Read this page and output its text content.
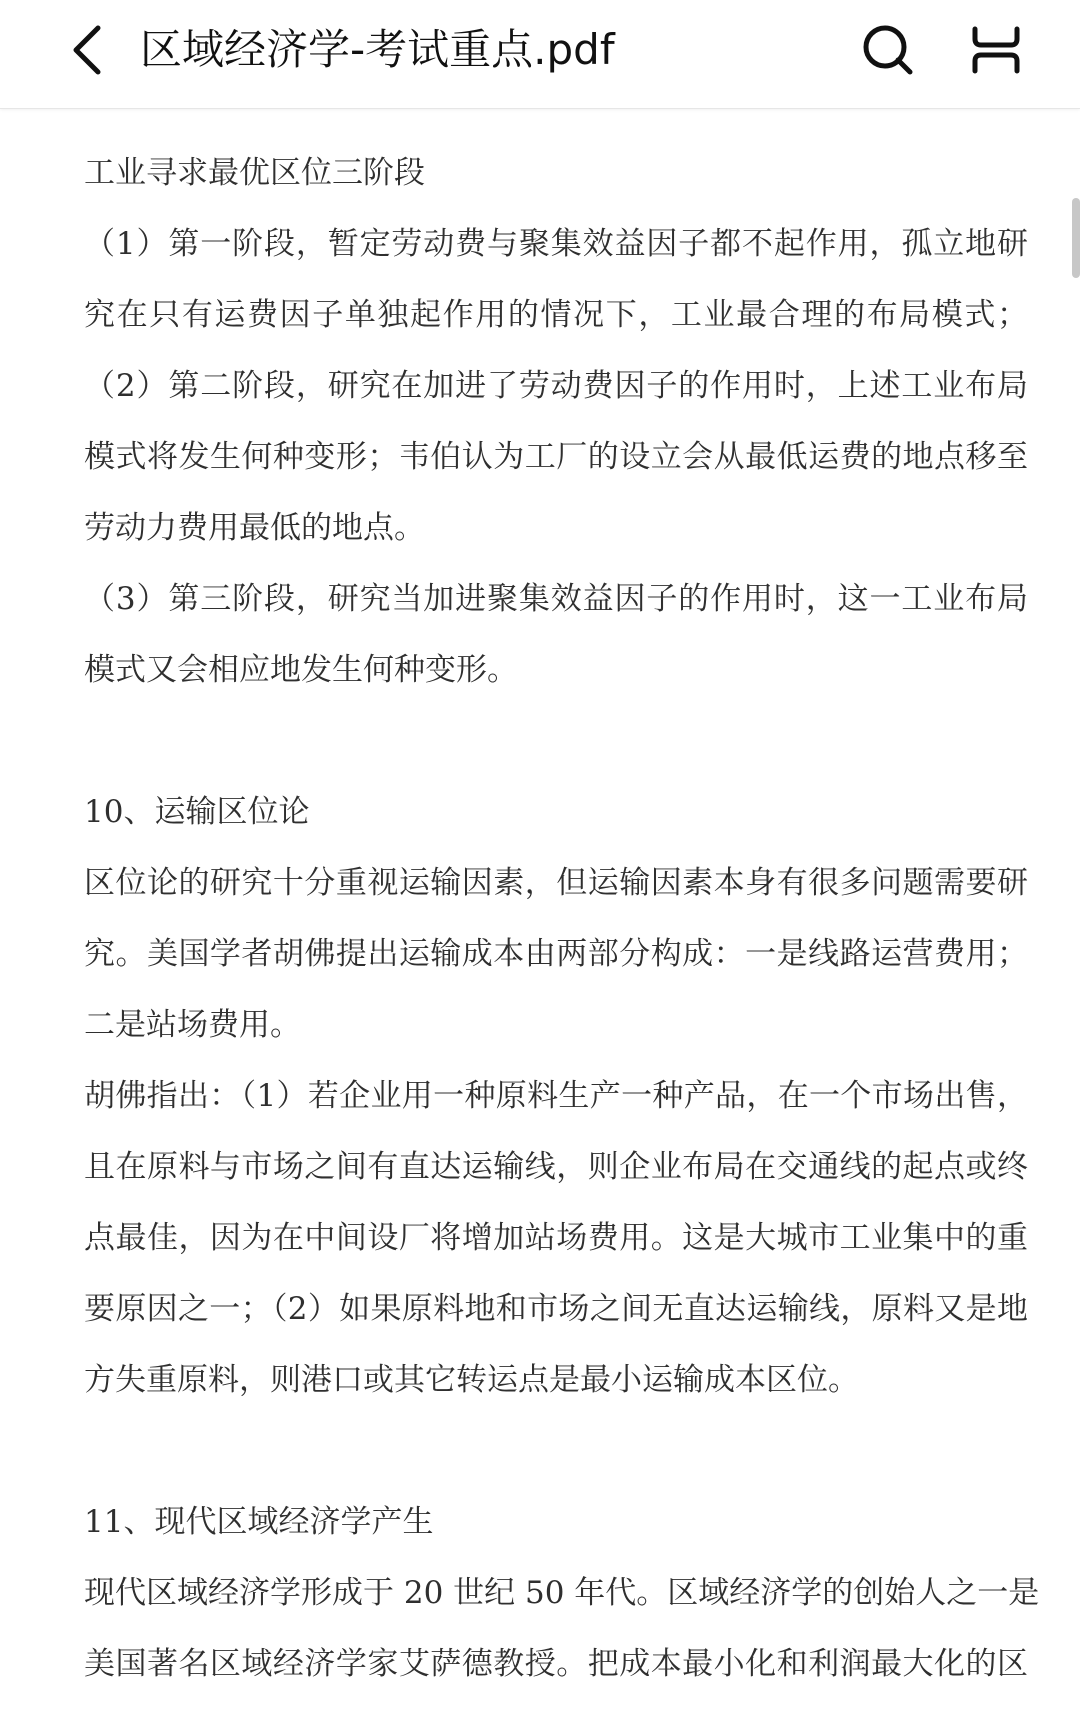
区域经济学-考试重点.pdf
工业寻求最优区位三阶段
（1）第一阶段，暂定劳动费与聚集效益因子都不起作用，孤立地研
究在只有运费因子单独起作用的情况下，工业最合理的布局模式；
（2）第二阶段，研究在加进了劳动费因子的作用时，上述工业布局
模式将发生何种变形；韦伯认为工厂的设立会从最低运费的地点移至
劳动力费用最低的地点。
（3）第三阶段，研究当加进聚集效益因子的作用时，这一工业布局
模式又会相应地发生何种变形。
10、运输区位论
区位论的研究十分重视运输因素，但运输因素本身有很多问题需要研
究。美国学者胡佛提出运输成本由两部分构成：一是线路运营费用；
二是站场费用。
胡佛指出：（1）若企业用一种原料生产一种产品，在一个市场出售，
且在原料与市场之间有直达运输线，则企业布局在交通线的起点或终
点最佳，因为在中间设厂将增加站场费用。这是大城市工业集中的重
要原因之一；（2）如果原料地和市场之间无直达运输线，原料又是地
方失重原料，则港口或其它转运点是最小运输成本区位。
11、现代区域经济学产生
现代区域经济学形成于 20 世纪 50 年代。区域经济学的创始人之一是
美国著名区域经济学家艾萨德教授。把成本最小化和利润最大化的区
